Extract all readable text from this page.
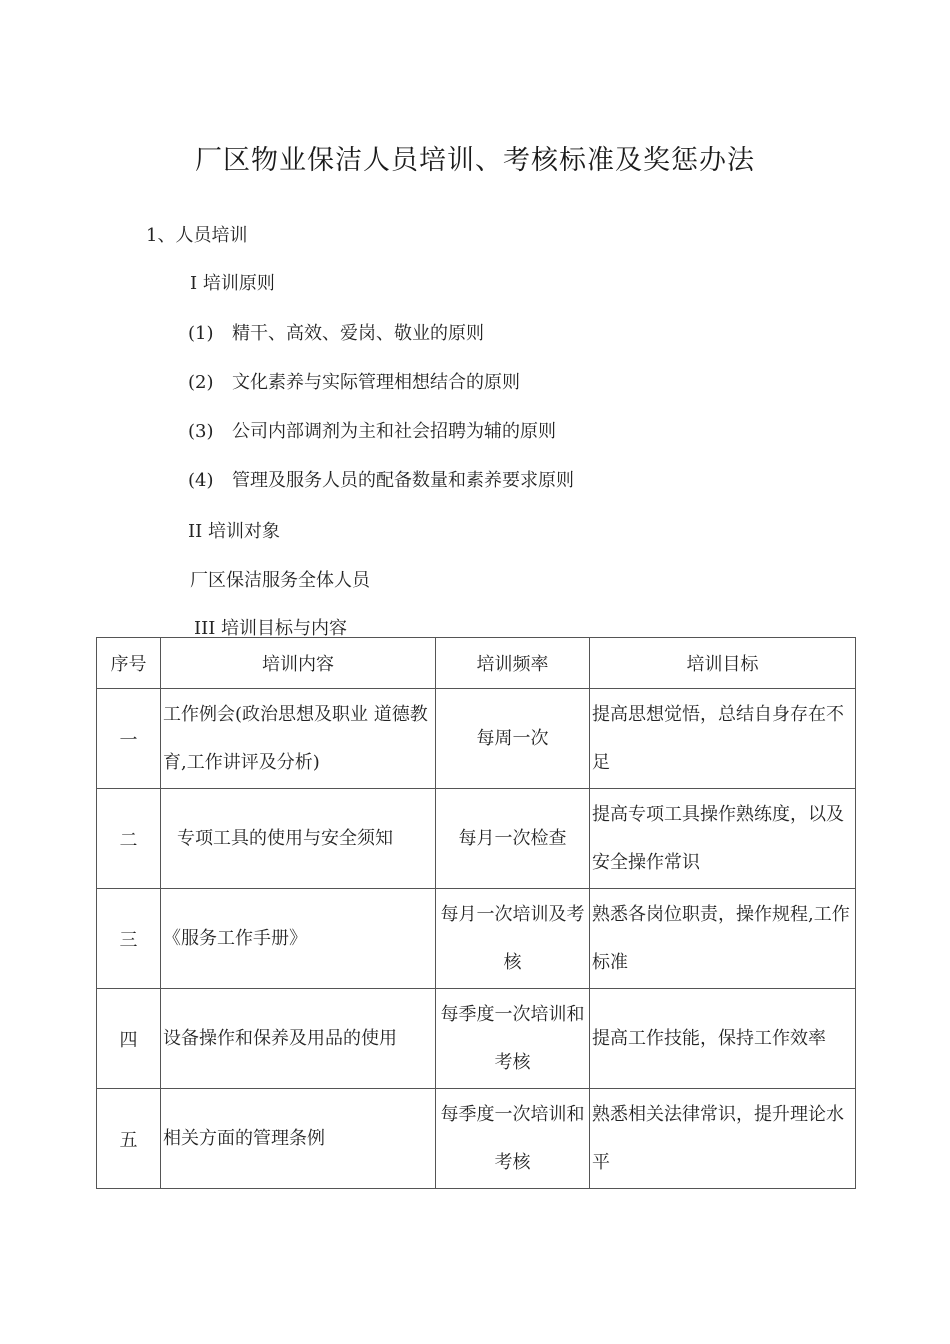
厂区物业保洁人员培训、考核标准及奖惩办法
1、人员培训
I 培训原则
(1) 精干、高效、爱岗、敬业的原则
(2) 文化素养与实际管理相想结合的原则
(3) 公司内部调剂为主和社会招聘为辅的原则
(4) 管理及服务人员的配备数量和素养要求原则
II 培训对象
厂区保洁服务全体人员
III 培训目标与内容
序号	培训内容	培训频率	培训目标
一	工作例会(政治思想及职业 道德教育,工作讲评及分析)	每周一次	提高思想觉悟，总结自身存在不足
二	专项工具的使用与安全须知	每月一次检查	提高专项工具操作熟练度，以及安全操作常识
三	《服务工作手册》	每月一次培训及考核	熟悉各岗位职责，操作规程,工作标准
四	设备操作和保养及用品的使用	每季度一次培训和考核	提高工作技能，保持工作效率
五	相关方面的管理条例	每季度一次培训和考核	熟悉相关法律常识，提升理论水平
